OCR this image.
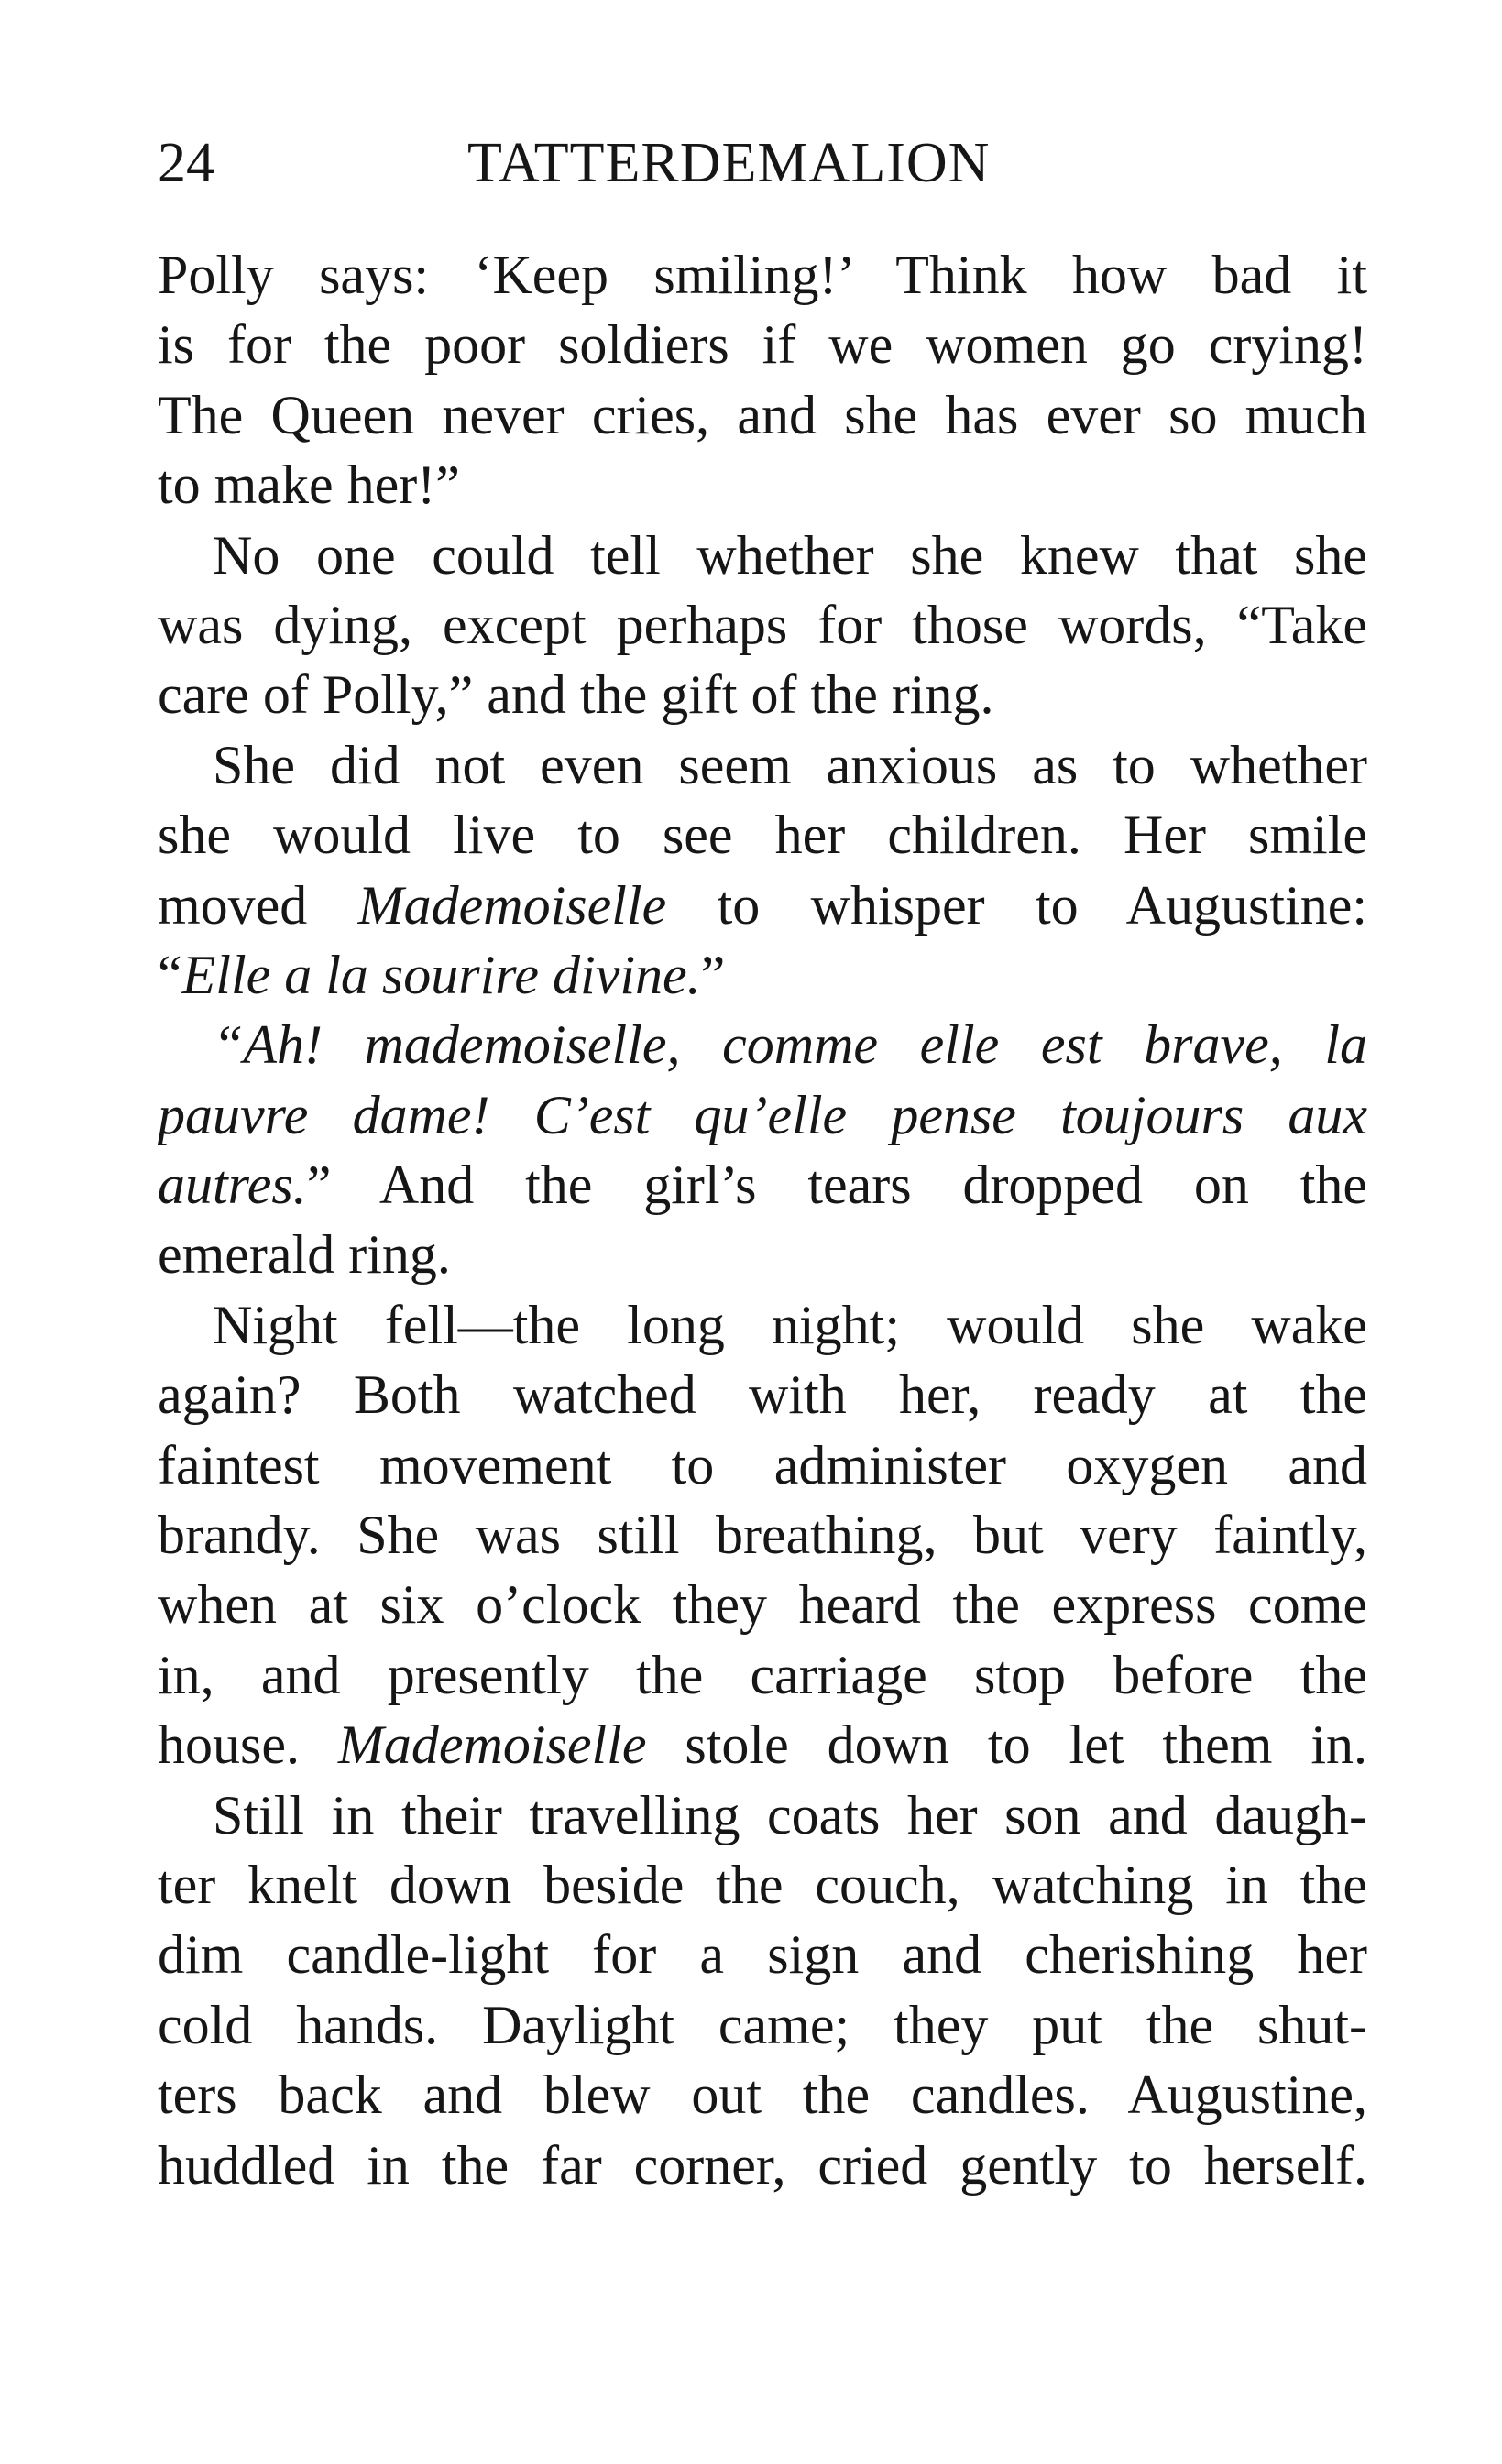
24	TATTERDEMALION
Polly says: ‘Keep smiling!’ Think how bad it
is for the poor soldiers if we women go crying!
The Queen never cries, and she has ever so much
to make her!”
No one could tell whether she knew that she
was dying, except perhaps for those words, “Take
care of Polly,” and the gift of the ring.
She did not even seem anxious as to whether
she would live to see her children. Her smile
moved Mademoiselle to whisper to Augustine:
“Elle a la sourire divine.”
“Ah! mademoiselle, comme elle est brave, la
pauvre dame! C’est qu’elle pense toujours aux
autres.” And the girl’s tears dropped on the
emerald ring.
Night fell—the long night; would she wake
again? Both watched with her, ready at the
faintest movement to administer oxygen and
brandy. She was still breathing, but very faintly,
when at six o’clock they heard the express come
in, and presently the carriage stop before the
house. Mademoiselle stole down to let them in.
Still in their travelling coats her son and daugh-
ter knelt down beside the couch, watching in the
dim candle-light for a sign and cherishing her
cold hands. Daylight came; they put the shut-
ters back and blew out the candles. Augustine,
huddled in the far corner, cried gently to herself.
